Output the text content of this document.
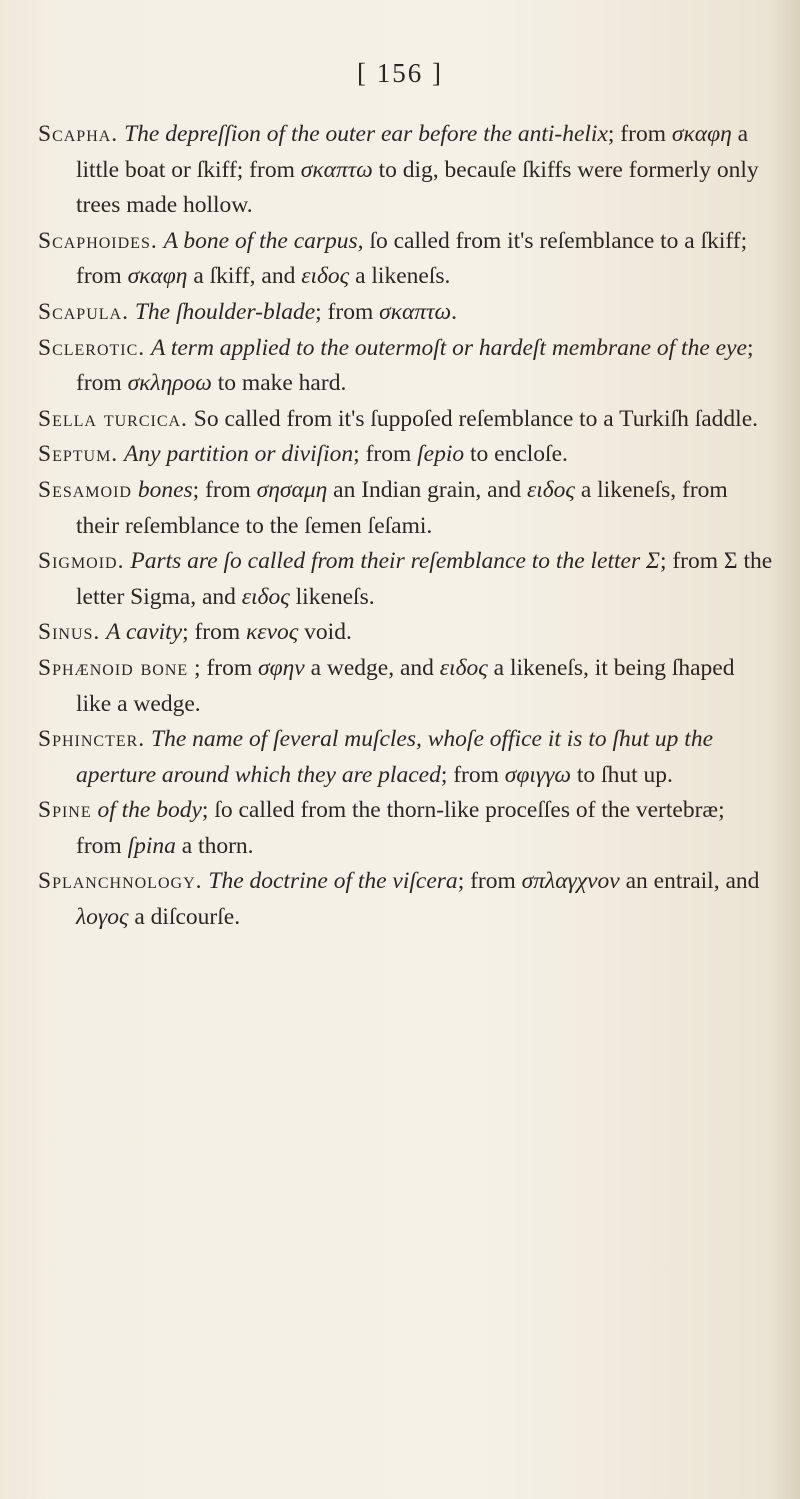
[ 156 ]

Scapha. The depreſſion of the outer ear before the anti-helix; from σκαφη a little boat or ſkiff; from σκαπτω to dig, becauſe ſkiffs were formerly only trees made hollow.

Scaphoides. A bone of the carpus, ſo called from it's reſemblance to a ſkiff; from σκαφη a ſkiff, and ειδος a likeneſs.

Scapula. The ſhoulder-blade; from σκαπτω.

Sclerotic. A term applied to the outermoſt or hardeſt membrane of the eye; from σκληροω to make hard.

Sella turcica. So called from it's ſuppoſed reſemblance to a Turkiſh ſaddle.

Septum. Any partition or diviſion; from ſepio to encloſe.

Sesamoid bones; from σησαμη an Indian grain, and ειδος a likeneſs, from their reſemblance to the ſemen ſeſami.

Sigmoid. Parts are ſo called from their reſemblance to the letter Σ; from Σ the letter Sigma, and ειδος likeneſs.

Sinus. A cavity; from κενος void.

Sphænoid bone ; from σφην a wedge, and ειδος a likeneſs, it being ſhaped like a wedge.

Sphincter. The name of ſeveral muſcles, whoſe office it is to ſhut up the aperture around which they are placed; from σφιγγω to ſhut up.

Spine of the body; ſo called from the thorn-like proceſſes of the vertebræ; from ſpina a thorn.

Splanchnology. The doctrine of the viſcera; from σπλαγχνον an entrail, and λογος a diſcourſe.
